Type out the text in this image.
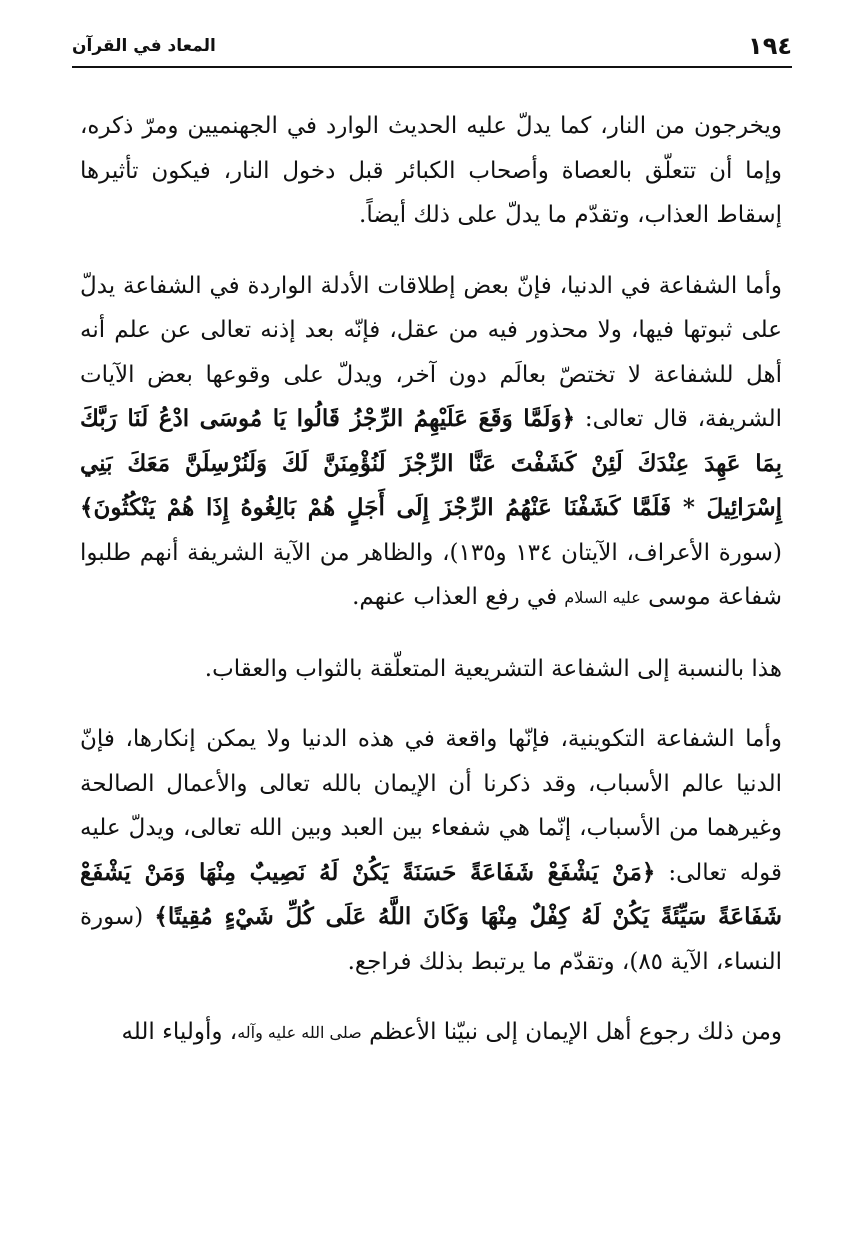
١٩٤
المعاد في القرآن

ويخرجون من النار، كما يدلّ عليه الحديث الوارد في الجهنميين ومرّ ذكره، وإما أن تتعلّق بالعصاة وأصحاب الكبائر قبل دخول النار، فيكون تأثيرها إسقاط العذاب، وتقدّم ما يدلّ على ذلك أيضاً.

وأما الشفاعة في الدنيا، فإنّ بعض إطلاقات الأدلة الواردة في الشفاعة يدلّ على ثبوتها فيها، ولا محذور فيه من عقل، فإنّه بعد إذنه تعالى عن علم أنه أهل للشفاعة لا تختصّ بعالَم دون آخر، ويدلّ على وقوعها بعض الآيات الشريفة، قال تعالى: ﴿وَلَمَّا وَقَعَ عَلَيْهِمُ الرِّجْزُ قَالُوا يَا مُوسَى ادْعُ لَنَا رَبَّكَ بِمَا عَهِدَ عِنْدَكَ لَئِنْ كَشَفْتَ عَنَّا الرِّجْزَ لَنُؤْمِنَنَّ لَكَ وَلَنُرْسِلَنَّ مَعَكَ بَنِي إِسْرَائِيلَ * فَلَمَّا كَشَفْنَا عَنْهُمُ الرِّجْزَ إِلَى أَجَلٍ هُمْ بَالِغُوهُ إِذَا هُمْ يَنْكُثُونَ﴾ (سورة الأعراف، الآيتان ١٣٤ و١٣٥)، والظاهر من الآية الشريفة أنهم طلبوا شفاعة موسى عليه السلام في رفع العذاب عنهم.

هذا بالنسبة إلى الشفاعة التشريعية المتعلّقة بالثواب والعقاب.

وأما الشفاعة التكوينية، فإنّها واقعة في هذه الدنيا ولا يمكن إنكارها، فإنّ الدنيا عالم الأسباب، وقد ذكرنا أن الإيمان بالله تعالى والأعمال الصالحة وغيرهما من الأسباب، إنّما هي شفعاء بين العبد وبين الله تعالى، ويدلّ عليه قوله تعالى: ﴿مَنْ يَشْفَعْ شَفَاعَةً حَسَنَةً يَكُنْ لَهُ نَصِيبٌ مِنْهَا وَمَنْ يَشْفَعْ شَفَاعَةً سَيِّئَةً يَكُنْ لَهُ كِفْلٌ مِنْهَا وَكَانَ اللَّهُ عَلَى كُلِّ شَيْءٍ مُقِيتًا﴾ (سورة النساء، الآية ٨٥)، وتقدّم ما يرتبط بذلك فراجع.

ومن ذلك رجوع أهل الإيمان إلى نبيّنا الأعظم صلى الله عليه وآله، وأولياء الله
